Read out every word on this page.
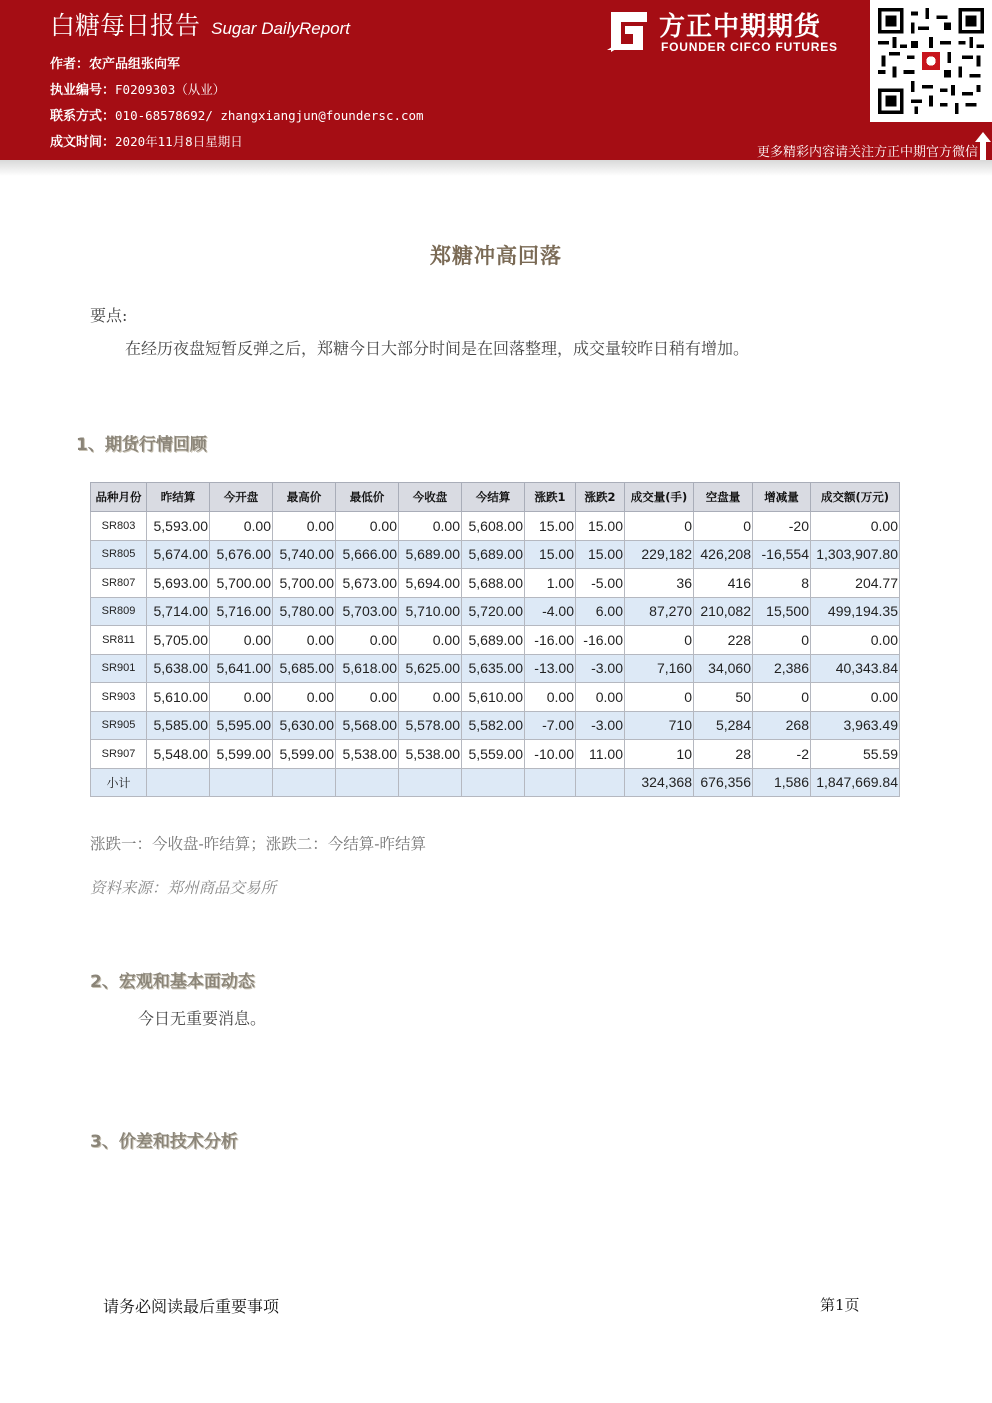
白糖每日报告 Sugar DailyReport
作者：农产品组张向军
执业编号：F0209303（从业）
联系方式：010-68578692/ zhangxiangjun@foundersc.com
成文时间：2020年11月8日星期日
方正中期期货
FOUNDER CIFCO FUTURES
更多精彩内容请关注方正中期官方微信
郑糖冲高回落
要点:
在经历夜盘短暂反弹之后，郑糖今日大部分时间是在回落整理，成交量较昨日稍有增加。
1、期货行情回顾
品种月份	昨结算	今开盘	最高价	最低价	今收盘	今结算	涨跌1	涨跌2	成交量(手)	空盘量	增减量	成交额(万元)
SR803	5,593.00	0.00	0.00	0.00	0.00	5,608.00	15.00	15.00	0	0	-20	0.00
SR805	5,674.00	5,676.00	5,740.00	5,666.00	5,689.00	5,689.00	15.00	15.00	229,182	426,208	-16,554	1,303,907.80
SR807	5,693.00	5,700.00	5,700.00	5,673.00	5,694.00	5,688.00	1.00	-5.00	36	416	8	204.77
SR809	5,714.00	5,716.00	5,780.00	5,703.00	5,710.00	5,720.00	-4.00	6.00	87,270	210,082	15,500	499,194.35
SR811	5,705.00	0.00	0.00	0.00	0.00	5,689.00	-16.00	-16.00	0	228	0	0.00
SR901	5,638.00	5,641.00	5,685.00	5,618.00	5,625.00	5,635.00	-13.00	-3.00	7,160	34,060	2,386	40,343.84
SR903	5,610.00	0.00	0.00	0.00	0.00	5,610.00	0.00	0.00	0	50	0	0.00
SR905	5,585.00	5,595.00	5,630.00	5,568.00	5,578.00	5,582.00	-7.00	-3.00	710	5,284	268	3,963.49
SR907	5,548.00	5,599.00	5,599.00	5,538.00	5,538.00	5,559.00	-10.00	11.00	10	28	-2	55.59
小计									324,368	676,356	1,586	1,847,669.84
涨跌一：今收盘-昨结算；涨跌二：今结算-昨结算
资料来源：郑州商品交易所
2、宏观和基本面动态
今日无重要消息。
3、价差和技术分析
请务必阅读最后重要事项	第1页
